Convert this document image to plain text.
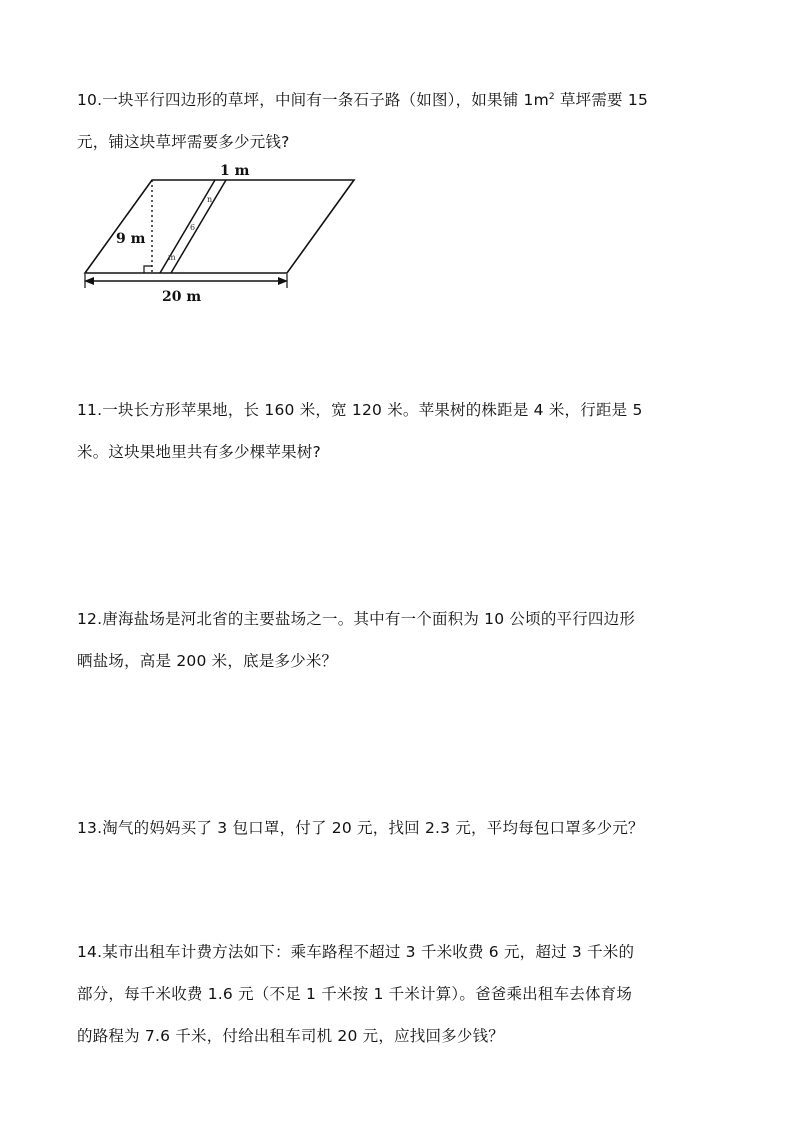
10.一块平行四边形的草坪，中间有一条石子路（如图），如果铺 $1m^2$ 草坪需要 15
元，铺这块草坪需要多少元钱?
n
6
m
1 m
9 m
20 m
11.一块长方形苹果地，长 160 米，宽 120 米。苹果树的株距是 4 米，行距是 5
米。这块果地里共有多少棵苹果树?
12.唐海盐场是河北省的主要盐场之一。其中有一个面积为 10 公顷的平行四边形
晒盐场，高是 200 米，底是多少米？
13.淘气的妈妈买了 3 包口罩，付了 20 元，找回 2.3 元，平均每包口罩多少元？
14.某市出租车计费方法如下：乘车路程不超过 3 千米收费 6 元，超过 3 千米的
部分，每千米收费 1.6 元（不足 1 千米按 1 千米计算）。爸爸乘出租车去体育场
的路程为 7.6 千米，付给出租车司机 20 元，应找回多少钱？
